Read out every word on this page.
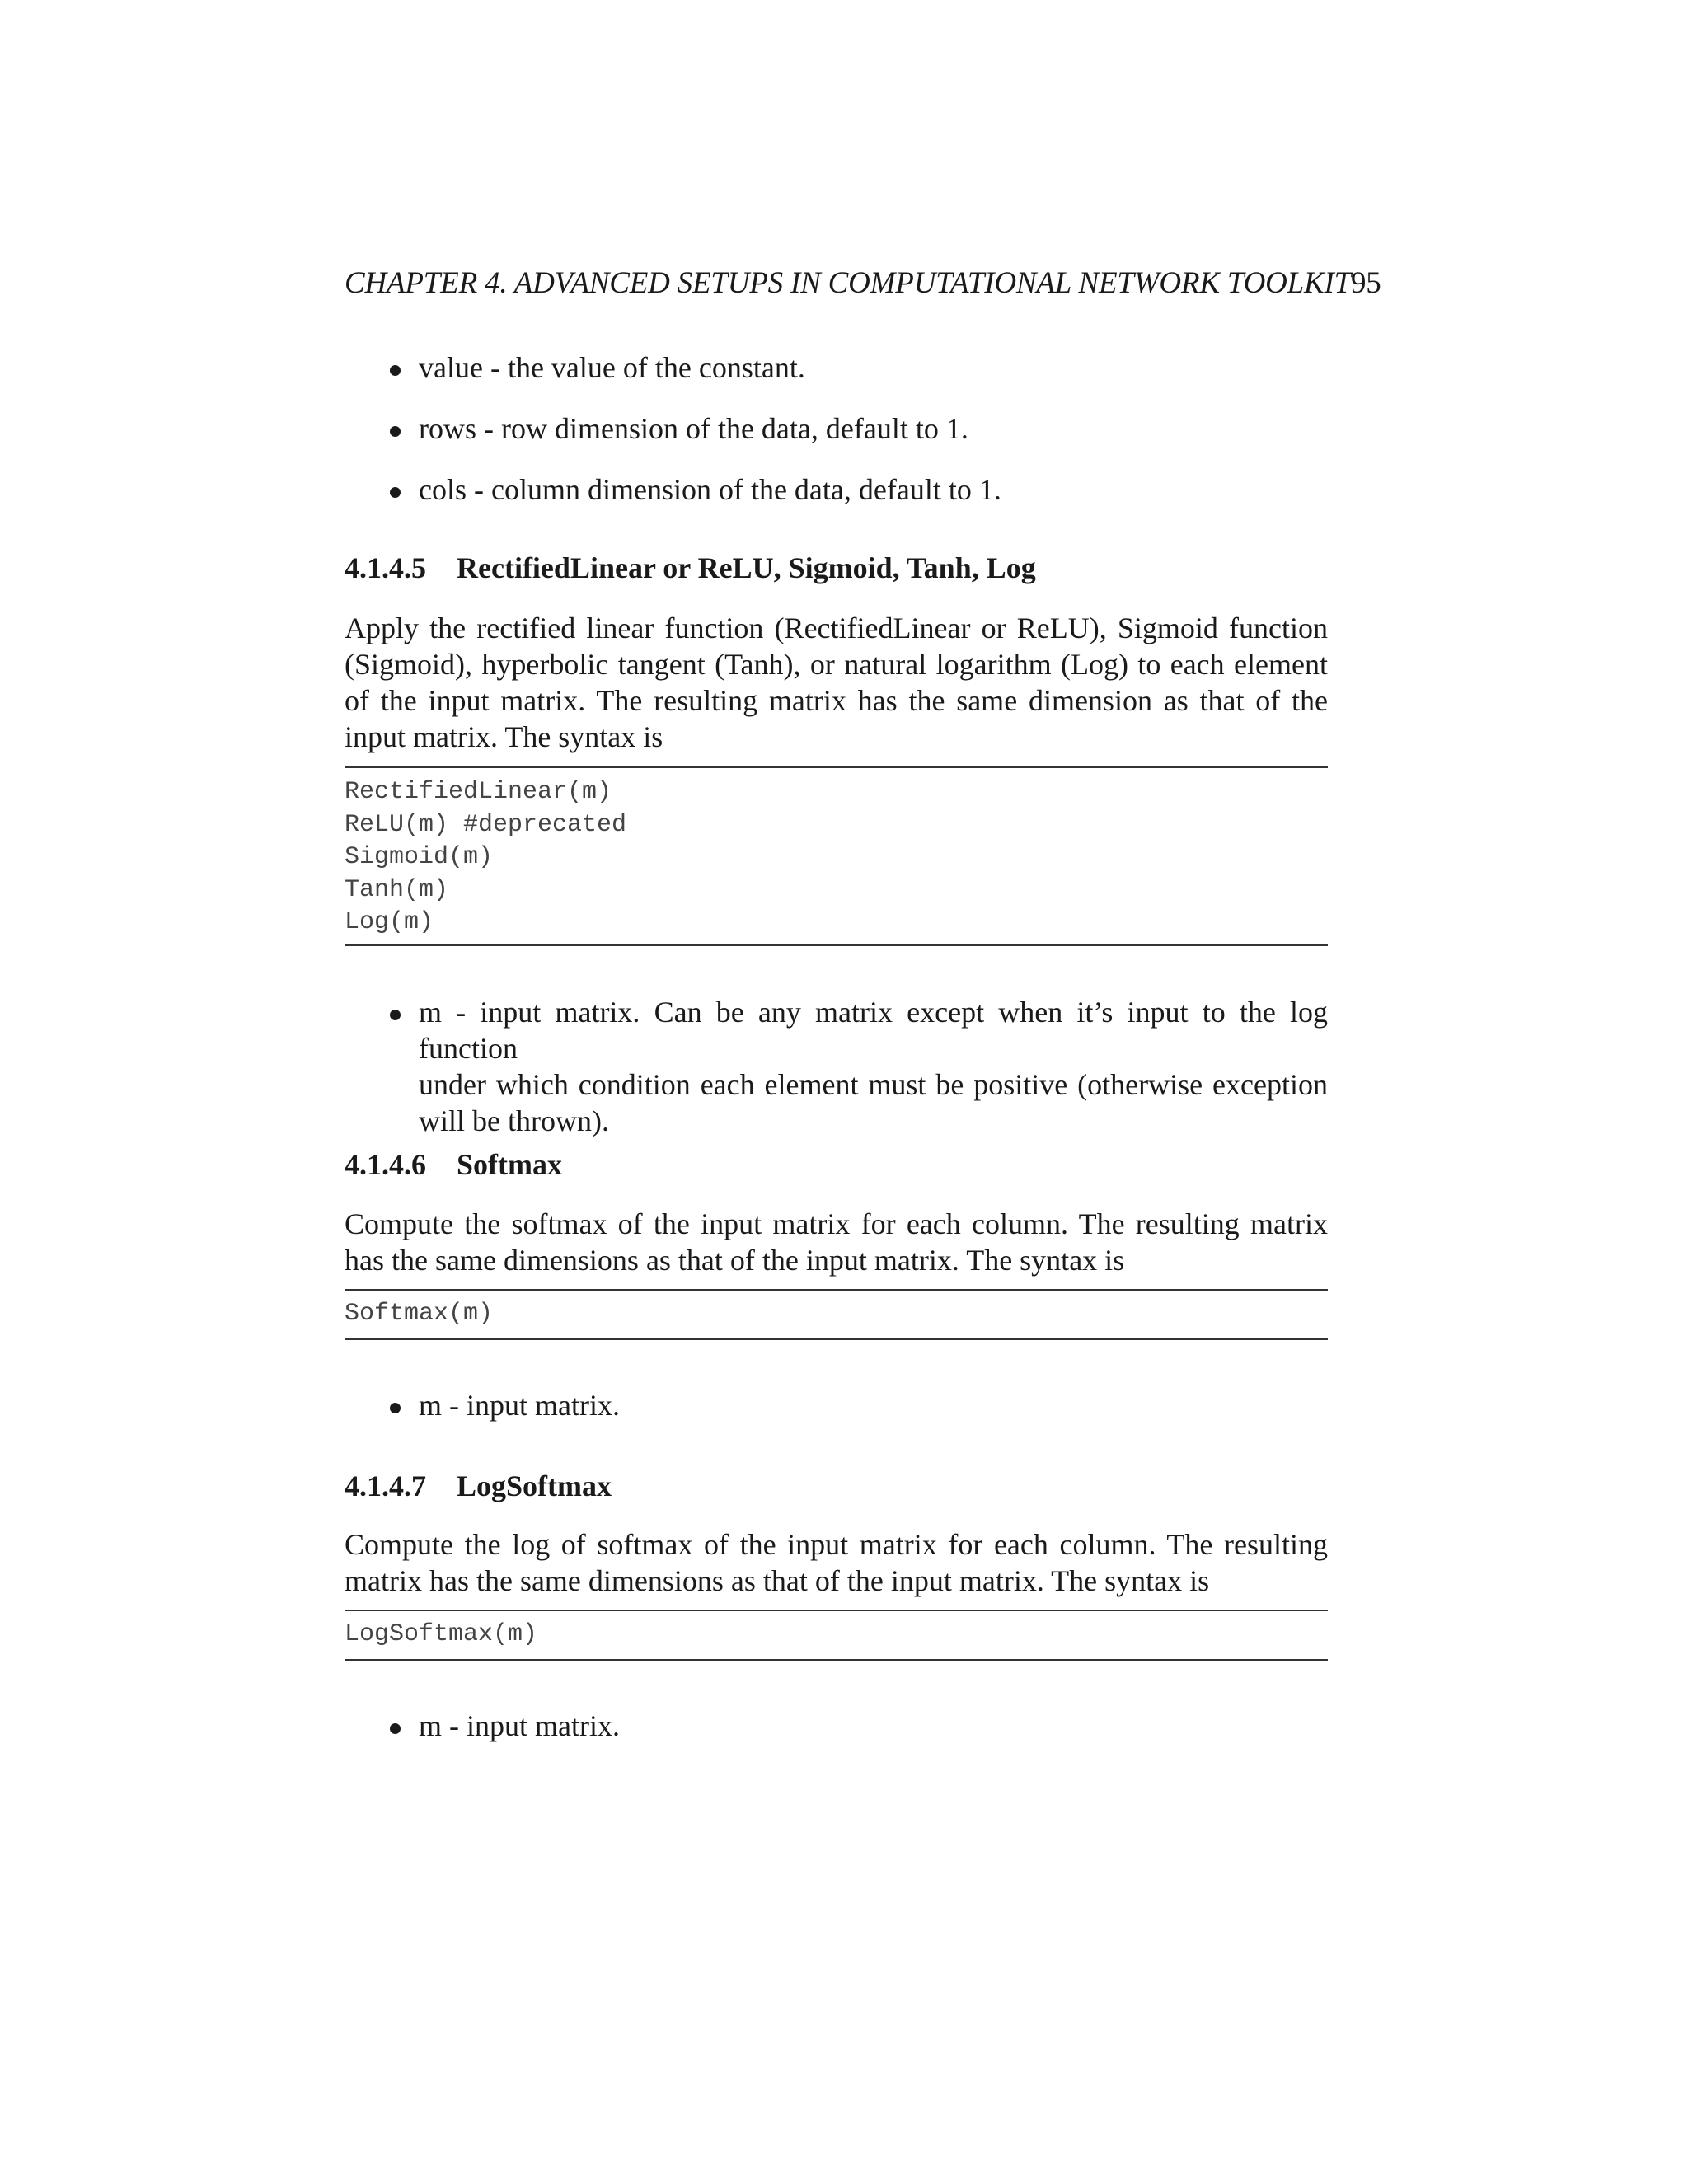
CHAPTER 4. ADVANCED SETUPS IN COMPUTATIONAL NETWORK TOOLKIT95
value - the value of the constant.
rows - row dimension of the data, default to 1.
cols - column dimension of the data, default to 1.
4.1.4.5 RectifiedLinear or ReLU, Sigmoid, Tanh, Log

Apply the rectified linear function (RectifiedLinear or ReLU), Sigmoid function
(Sigmoid), hyperbolic tangent (Tanh), or natural logarithm (Log) to each element
of the input matrix. The resulting matrix has the same dimension as that of the
input matrix. The syntax is

RectifiedLinear(m)
ReLU(m) #deprecated
Sigmoid(m)
Tanh(m)
Log(m)
m - input matrix. Can be any matrix except when it’s input to the log function
under which condition each element must be positive (otherwise exception
will be thrown).
4.1.4.6 Softmax

Compute the softmax of the input matrix for each column. The resulting matrix
has the same dimensions as that of the input matrix. The syntax is

Softmax(m)
m - input matrix.
4.1.4.7 LogSoftmax

Compute the log of softmax of the input matrix for each column. The resulting
matrix has the same dimensions as that of the input matrix. The syntax is

LogSoftmax(m)
m - input matrix.
